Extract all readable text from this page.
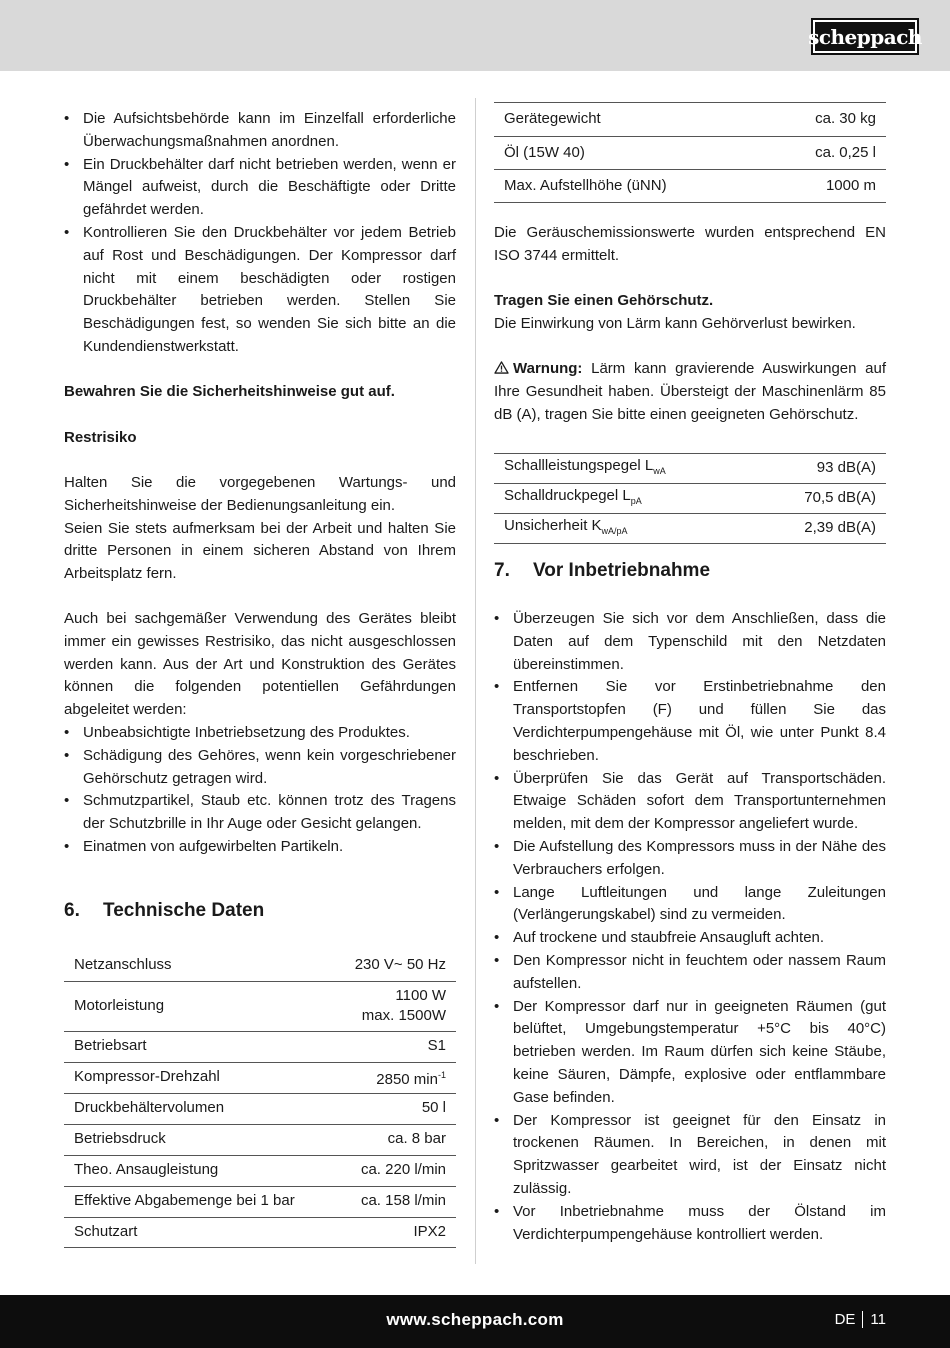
scheppach
• Die Aufsichtsbehörde kann im Einzelfall erforderliche Überwachungsmaßnahmen anordnen.
• Ein Druckbehälter darf nicht betrieben werden, wenn er Mängel aufweist, durch die Beschäftigte oder Dritte gefährdet werden.
• Kontrollieren Sie den Druckbehälter vor jedem Betrieb auf Rost und Beschädigungen. Der Kompressor darf nicht mit einem beschädigten oder rostigen Druckbehälter betrieben werden. Stellen Sie Beschädigungen fest, so wenden Sie sich bitte an die Kundendienstwerkstatt.
Bewahren Sie die Sicherheitshinweise gut auf.
Restrisiko
Halten Sie die vorgegebenen Wartungs- und Sicherheitshinweise der Bedienungsanleitung ein.
Seien Sie stets aufmerksam bei der Arbeit und halten Sie dritte Personen in einem sicheren Abstand von Ihrem Arbeitsplatz fern.
Auch bei sachgemäßer Verwendung des Gerätes bleibt immer ein gewisses Restrisiko, das nicht ausgeschlossen werden kann. Aus der Art und Konstruktion des Gerätes können die folgenden potentiellen Gefährdungen abgeleitet werden:
• Unbeabsichtigte Inbetriebsetzung des Produktes.
• Schädigung des Gehöres, wenn kein vorgeschriebener Gehörschutz getragen wird.
• Schmutzpartikel, Staub etc. können trotz des Tragens der Schutzbrille in Ihr Auge oder Gesicht gelangen.
• Einatmen von aufgewirbelten Partikeln.
6.	Technische Daten
Netzanschluss	230 V~ 50 Hz
Motorleistung	1100 W
max. 1500W

Betriebsart	S1
Kompressor-Drehzahl	2850 $\min^{-1}$
Druckbehältervolumen	50 l
Betriebsdruck	ca. 8 bar
Theo. Ansaugleistung	ca. 220 l/min
Effektive Abgabemenge bei 1 bar	ca. 158 l/min
Schutzart	IPX2
Gerätegewicht	ca. 30 kg
Öl (15W 40)	ca. 0,25 l
Max. Aufstellhöhe (üNN)	1000 m
Die Geräuschemissionswerte wurden entsprechend EN ISO 3744 ermittelt.
Tragen Sie einen Gehörschutz.
Die Einwirkung von Lärm kann Gehörverlust bewirken.
Warnung: Lärm kann gravierende Auswirkungen auf Ihre Gesundheit haben. Übersteigt der Maschinenlärm 85 dB (A), tragen Sie bitte einen geeigneten Gehörschutz.
Schallleistungspegel $L_{wA}$	93 dB(A)
Schalldruckpegel $L_{pA}$	70,5 dB(A)
Unsicherheit $K_{wA/pA}$	2,39 dB(A)
7.	Vor Inbetriebnahme
• Überzeugen Sie sich vor dem Anschließen, dass die Daten auf dem Typenschild mit den Netzdaten übereinstimmen.
• Entfernen Sie vor Erstinbetriebnahme den Transportstopfen (F) und füllen Sie das Verdichterpumpengehäuse mit Öl, wie unter Punkt 8.4 beschrieben.
• Überprüfen Sie das Gerät auf Transportschäden. Etwaige Schäden sofort dem Transportunternehmen melden, mit dem der Kompressor angeliefert wurde.
• Die Aufstellung des Kompressors muss in der Nähe des Verbrauchers erfolgen.
• Lange Luftleitungen und lange Zuleitungen (Verlängerungskabel) sind zu vermeiden.
• Auf trockene und staubfreie Ansaugluft achten.
• Den Kompressor nicht in feuchtem oder nassem Raum aufstellen.
• Der Kompressor darf nur in geeigneten Räumen (gut belüftet, Umgebungstemperatur +5°C bis 40°C) betrieben werden. Im Raum dürfen sich keine Stäube, keine Säuren, Dämpfe, explosive oder entflammbare Gase befinden.
• Der Kompressor ist geeignet für den Einsatz in trockenen Räumen. In Bereichen, in denen mit Spritzwasser gearbeitet wird, ist der Einsatz nicht zulässig.
• Vor Inbetriebnahme muss der Ölstand im Verdichterpumpengehäuse kontrolliert werden.
www.scheppach.com	DE 11
